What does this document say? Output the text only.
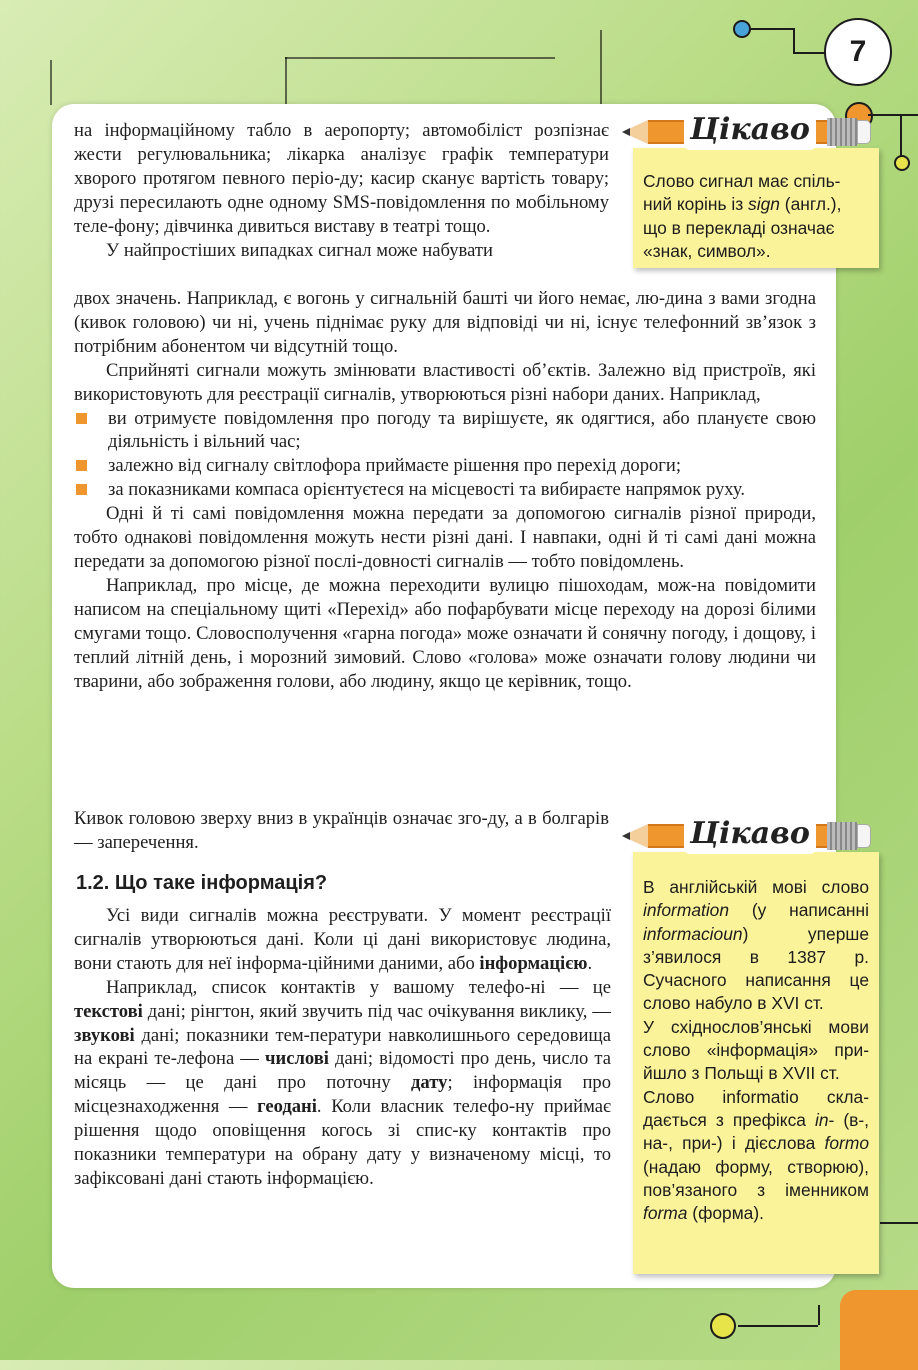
7

на інформаційному табло в аеропорту; автомобіліст розпізнає жести регулювальника; лікарка аналізує графік температури хворого протягом певного періо-ду; касир сканує вартість товару; друзі пересилають одне одному SMS-повідомлення по мобільному теле-фону; дівчинка дивиться виставу в театрі тощо.

У найпростіших випадках сигнал може набувати

двох значень. Наприклад, є вогонь у сигнальній башті чи його немає, лю-дина з вами згодна (кивок головою) чи ні, учень піднімає руку для відповіді чи ні, існує телефонний зв’язок з потрібним абонентом чи відсутній тощо.

Сприйняті сигнали можуть змінювати властивості об’єктів. Залежно від пристроїв, які використовують для реєстрації сигналів, утворюються різні набори даних. Наприклад,

ви отримуєте повідомлення про погоду та вирішуєте, як одягтися, або плануєте свою діяльність і вільний час;
залежно від сигналу світлофора приймаєте рішення про перехід дороги;
за показниками компаса орієнтуєтеся на місцевості та вибираєте напрямок руху.

Одні й ті самі повідомлення можна передати за допомогою сигналів різної природи, тобто однакові повідомлення можуть нести різні дані. І навпаки, одні й ті самі дані можна передати за допомогою різної послі-довності сигналів — тобто повідомлень.

Наприклад, про місце, де можна переходити вулицю пішоходам, мож-на повідомити написом на спеціальному щиті «Перехід» або пофарбувати місце переходу на дорозі білими смугами тощо. Словосполучення «гарна погода» може означати й сонячну погоду, і дощову, і теплий літній день, і морозний зимовий. Слово «голова» може означати голову людини чи тварини, або зображення голови, або людину, якщо це керівник, тощо.

Кивок головою зверху вниз в українців означає зго-ду, а в болгарів — заперечення.

1.2. Що таке інформація?

Усі види сигналів можна реєструвати. У момент реєстрації сигналів утворюються дані. Коли ці дані використовує людина, вони стають для неї інформа-ційними даними, або інформацією.

Наприклад, список контактів у вашому телефо-ні — це текстові дані; рінгтон, який звучить під час очікування виклику, — звукові дані; показники тем-ператури навколишнього середовища на екрані те-лефона — числові дані; відомості про день, число та місяць — це дані про поточну дату; інформація про місцезнаходження — геодані. Коли власник телефо-ну приймає рішення щодо оповіщення когось зі спис-ку контактів про показники температури на обрану дату у визначеному місці, то зафіксовані дані стають інформацією.

Слово сигнал має спіль-ний корінь із sign (англ.), що в перекладі означає «знак, символ».

Цікаво

В англійській мові слово information (у написанні informacioun) уперше з’явилося в 1387 р. Сучасного написання це слово набуло в XVI ст.

У східнослов’янські мови слово «інформація» при-йшло з Польщі в XVII ст.

Слово informatio скла-дається з префікса in- (в-, на-, при-) і дієслова formo (надаю форму, створюю), пов’язаного з іменником forma (форма).

Цікаво
